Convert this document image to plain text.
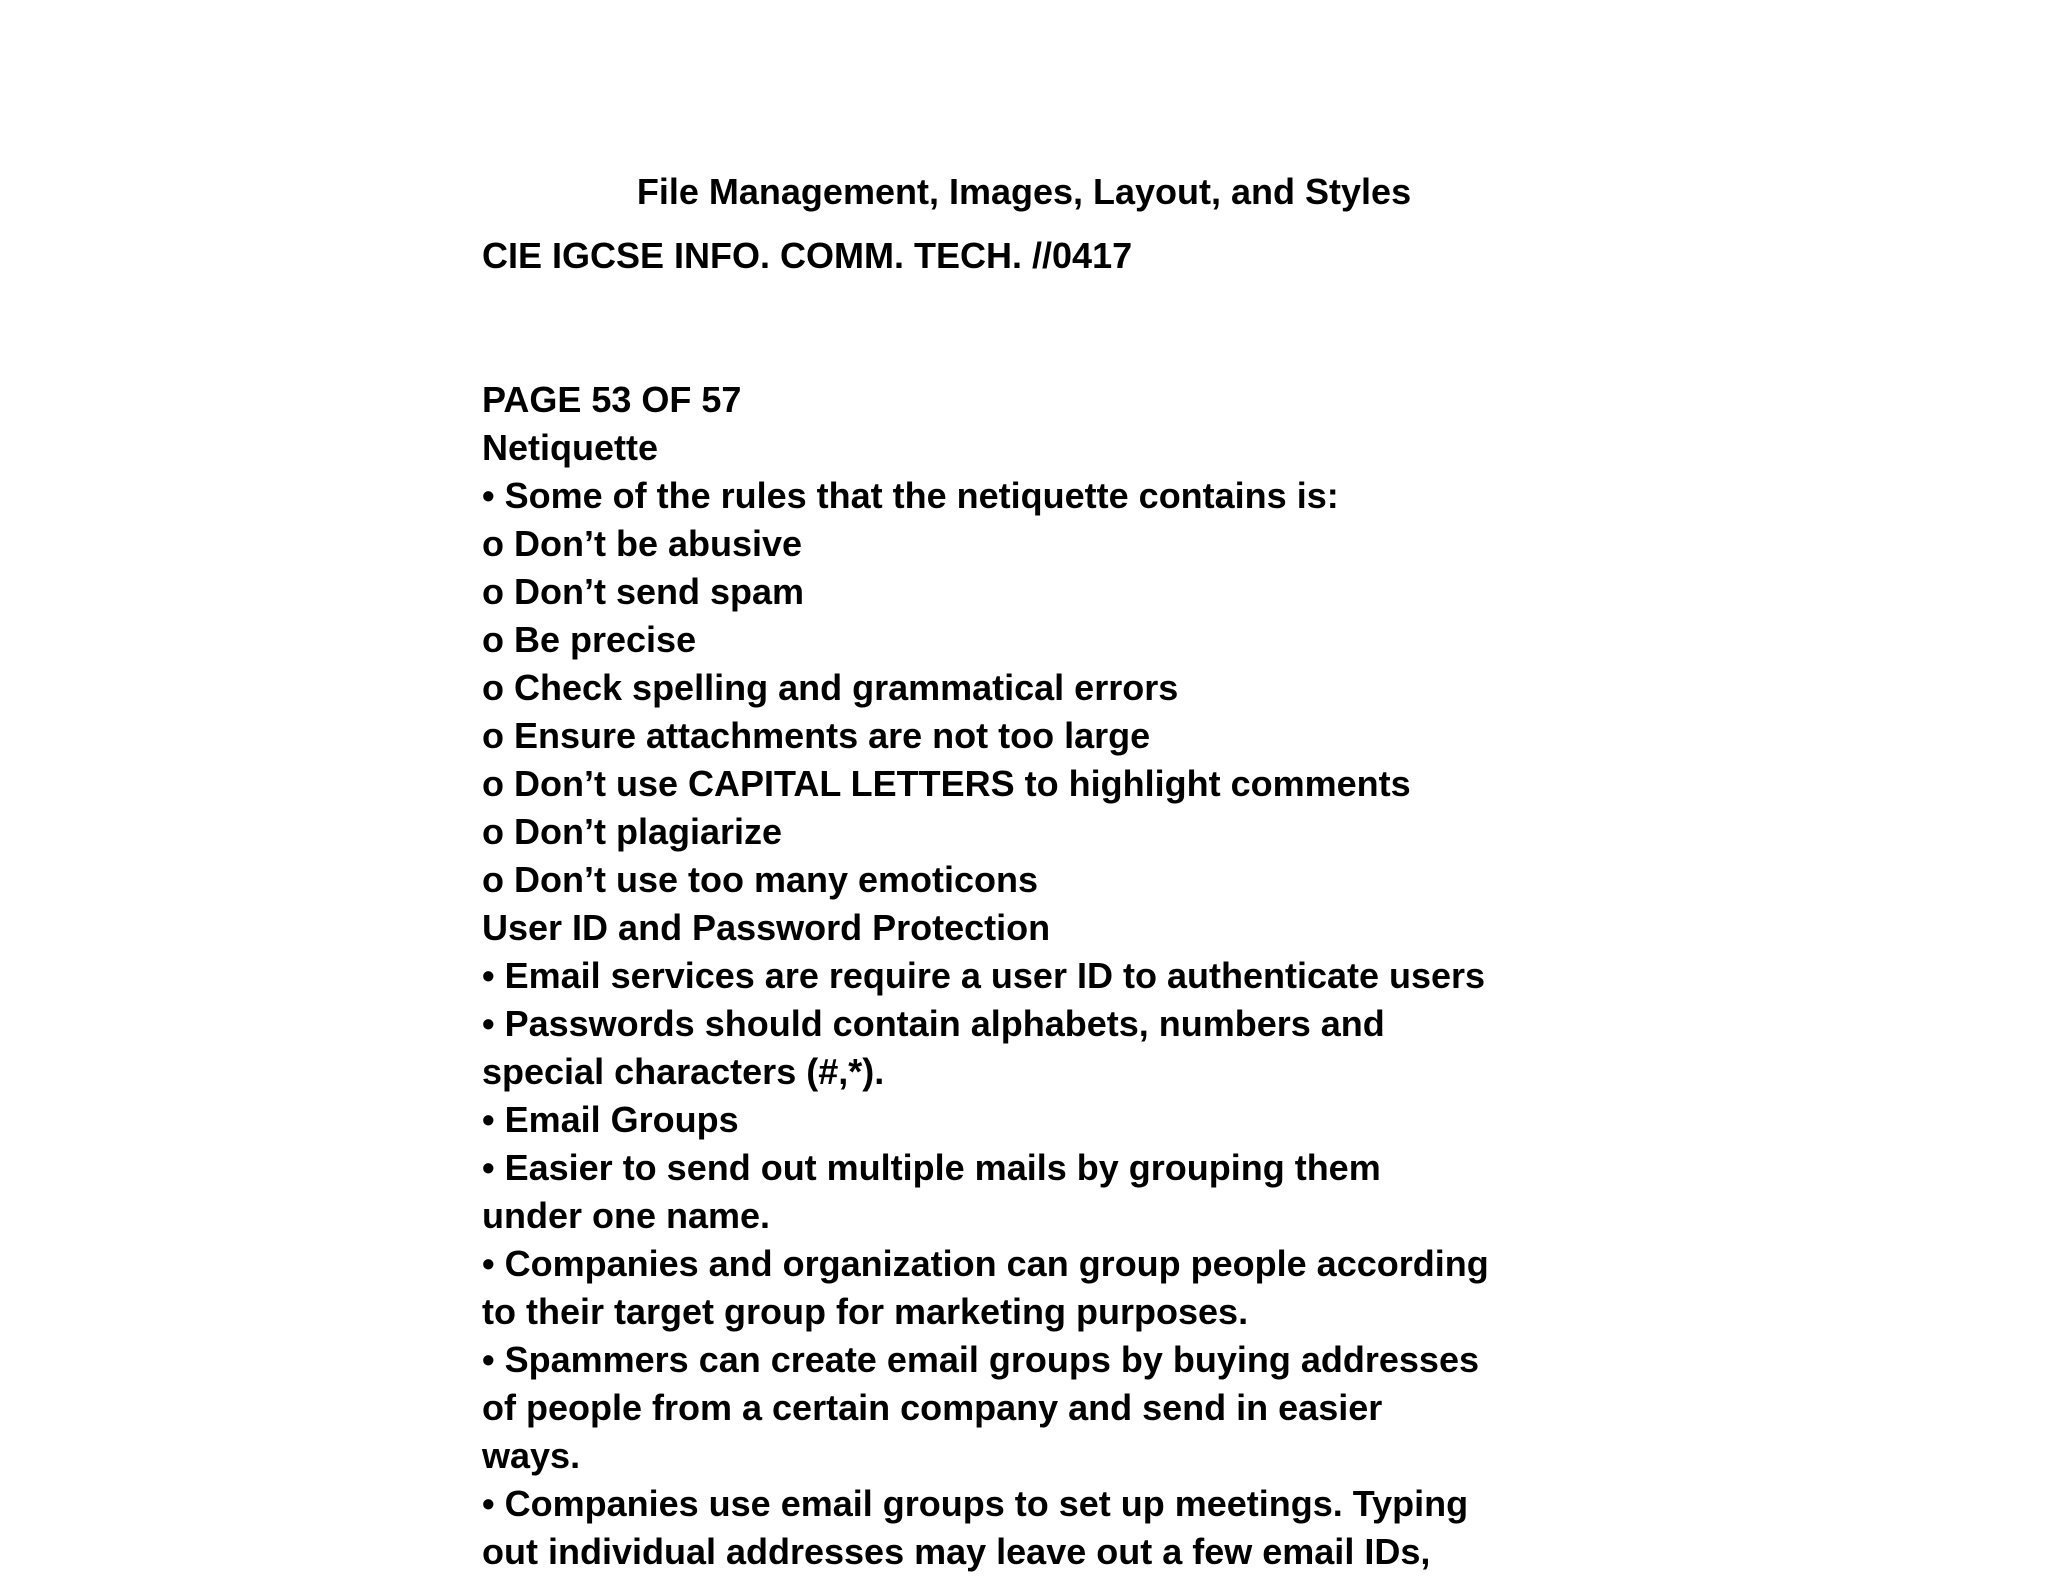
File Management, Images, Layout, and Styles
CIE IGCSE INFO. COMM. TECH. //0417
PAGE 53 OF 57
Netiquette
• Some of the rules that the netiquette contains is:
o Don’t be abusive
o Don’t send spam
o Be precise
o Check spelling and grammatical errors
o Ensure attachments are not too large
o Don’t use CAPITAL LETTERS to highlight comments
o Don’t plagiarize
o Don’t use too many emoticons
User ID and Password Protection
• Email services are require a user ID to authenticate users
• Passwords should contain alphabets, numbers and
special characters (#,*).
• Email Groups
• Easier to send out multiple mails by grouping them
under one name.
• Companies and organization can group people according
to their target group for marketing purposes.
• Spammers can create email groups by buying addresses
of people from a certain company and send in easier
ways.
• Companies use email groups to set up meetings. Typing
out individual addresses may leave out a few email IDs,
